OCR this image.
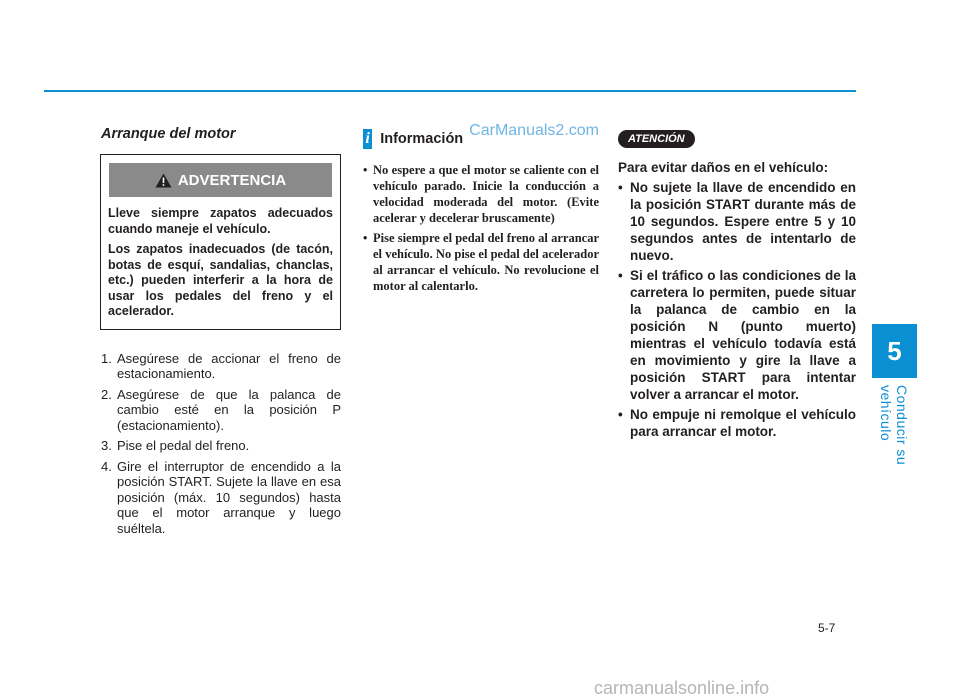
5
Conducir su vehículo
Arranque del motor
ADVERTENCIA

Lleve siempre zapatos adecuados cuando maneje el vehículo.

Los zapatos inadecuados (de tacón, botas de esquí, sandalias, chanclas, etc.) pueden interferir a la hora de usar los pedales del freno y el acelerador.

1. Asegúrese de accionar el freno de estacionamiento.
2. Asegúrese de que la palanca de cambio esté en la posición P (estacionamiento).
3. Pise el pedal del freno.
4. Gire el interruptor de encendido a la posición START. Sujete la llave en esa posición (máx. 10 segundos) hasta que el motor arranque y luego suéltela.
i Información CarManuals2.com
• No espere a que el motor se caliente con el vehículo parado. Inicie la conducción a velocidad moderada del motor. (Evite acelerar y decelerar bruscamente)
• Pise siempre el pedal del freno al arrancar el vehículo. No pise el pedal del acelerador al arrancar el vehículo. No revolucione el motor al calentarlo.
ATENCIÓN
Para evitar daños en el vehículo:
• No sujete la llave de encendido en la posición START durante más de 10 segundos. Espere entre 5 y 10 segundos antes de intentarlo de nuevo.
• Si el tráfico o las condiciones de la carretera lo permiten, puede situar la palanca de cambio en la posición N (punto muerto) mientras el vehículo todavía está en movimiento y gire la llave a posición START para intentar volver a arrancar el motor.
• No empuje ni remolque el vehículo para arrancar el motor.
5-7
carmanualsonline.info
